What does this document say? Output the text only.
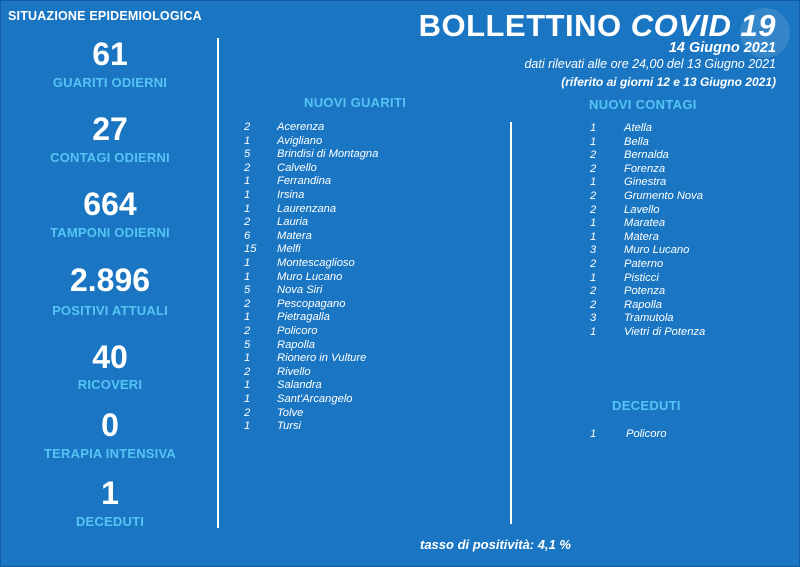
SITUAZIONE EPIDEMIOLOGICA
61
GUARITI ODIERNI
27
CONTAGI ODIERNI
664
TAMPONI ODIERNI
2.896
POSITIVI ATTUALI
40
RICOVERI
0
TERAPIA INTENSIVA
1
DECEDUTI
BOLLETTINO COVID 19
14 Giugno 2021
dati rilevati alle ore 24,00 del 13 Giugno 2021
(riferito ai giorni 12 e 13 Giugno 2021)
NUOVI GUARITI
2 Acerenza
1 Avigliano
5 Brindisi di Montagna
2 Calvello
1 Ferrandina
1 Irsina
1 Laurenzana
2 Lauria
6 Matera
15 Melfi
1 Montescaglioso
1 Muro Lucano
5 Nova Siri
2 Pescopagano
1 Pietragalla
2 Policoro
5 Rapolla
1 Rionero in Vulture
2 Rivello
1 Salandra
1 Sant'Arcangelo
2 Tolve
1 Tursi
NUOVI CONTAGI
1 Atella
1 Bella
2 Bernalda
2 Forenza
1 Ginestra
2 Grumento Nova
2 Lavello
1 Maratea
1 Matera
3 Muro Lucano
2 Paterno
1 Pisticci
2 Potenza
2 Rapolla
3 Tramutola
1 Vietri di Potenza
DECEDUTI
1	Policoro
tasso di positività: 4,1 %
